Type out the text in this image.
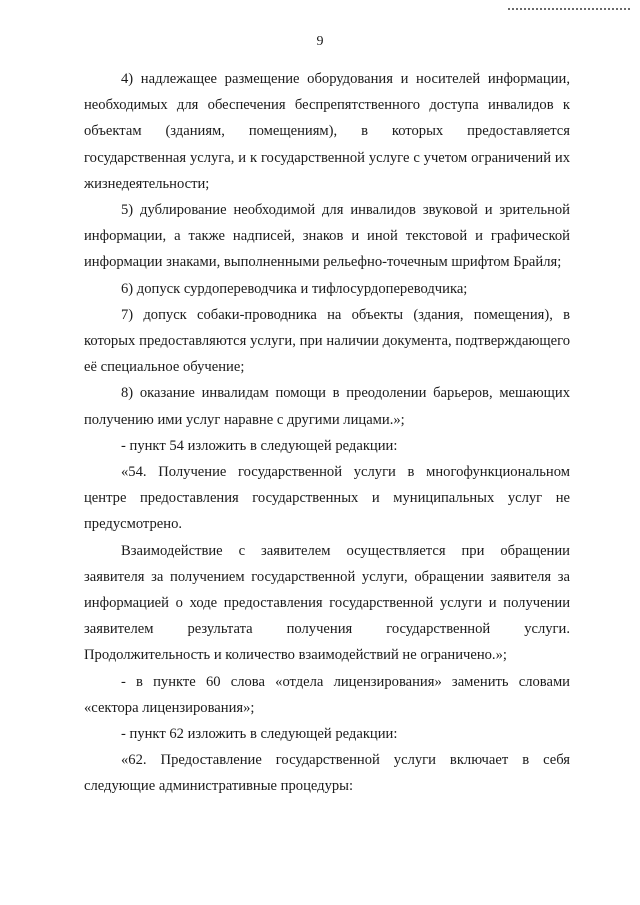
9

4) надлежащее размещение оборудования и носителей информации, необходимых для обеспечения беспрепятственного доступа инвалидов к объектам (зданиям, помещениям), в которых предоставляется государственная услуга, и к государственной услуге с учетом ограничений их жизнедеятельности;

5) дублирование необходимой для инвалидов звуковой и зрительной информации, а также надписей, знаков и иной текстовой и графической информации знаками, выполненными рельефно-точечным шрифтом Брайля;

6) допуск сурдопереводчика и тифлосурдопереводчика;

7) допуск собаки-проводника на объекты (здания, помещения), в которых предоставляются услуги, при наличии документа, подтверждающего её специальное обучение;

8) оказание инвалидам помощи в преодолении барьеров, мешающих получению ими услуг наравне с другими лицами.»;

- пункт 54 изложить в следующей редакции:

«54. Получение государственной услуги в многофункциональном центре предоставления государственных и муниципальных услуг не предусмотрено.

Взаимодействие с заявителем осуществляется при обращении заявителя за получением государственной услуги, обращении заявителя за информацией о ходе предоставления государственной услуги и получении заявителем результата получения государственной услуги. Продолжительность и количество взаимодействий не ограничено.»;

- в пункте 60 слова «отдела лицензирования» заменить словами «сектора лицензирования»;

- пункт 62 изложить в следующей редакции:

«62. Предоставление государственной услуги включает в себя следующие административные процедуры:
